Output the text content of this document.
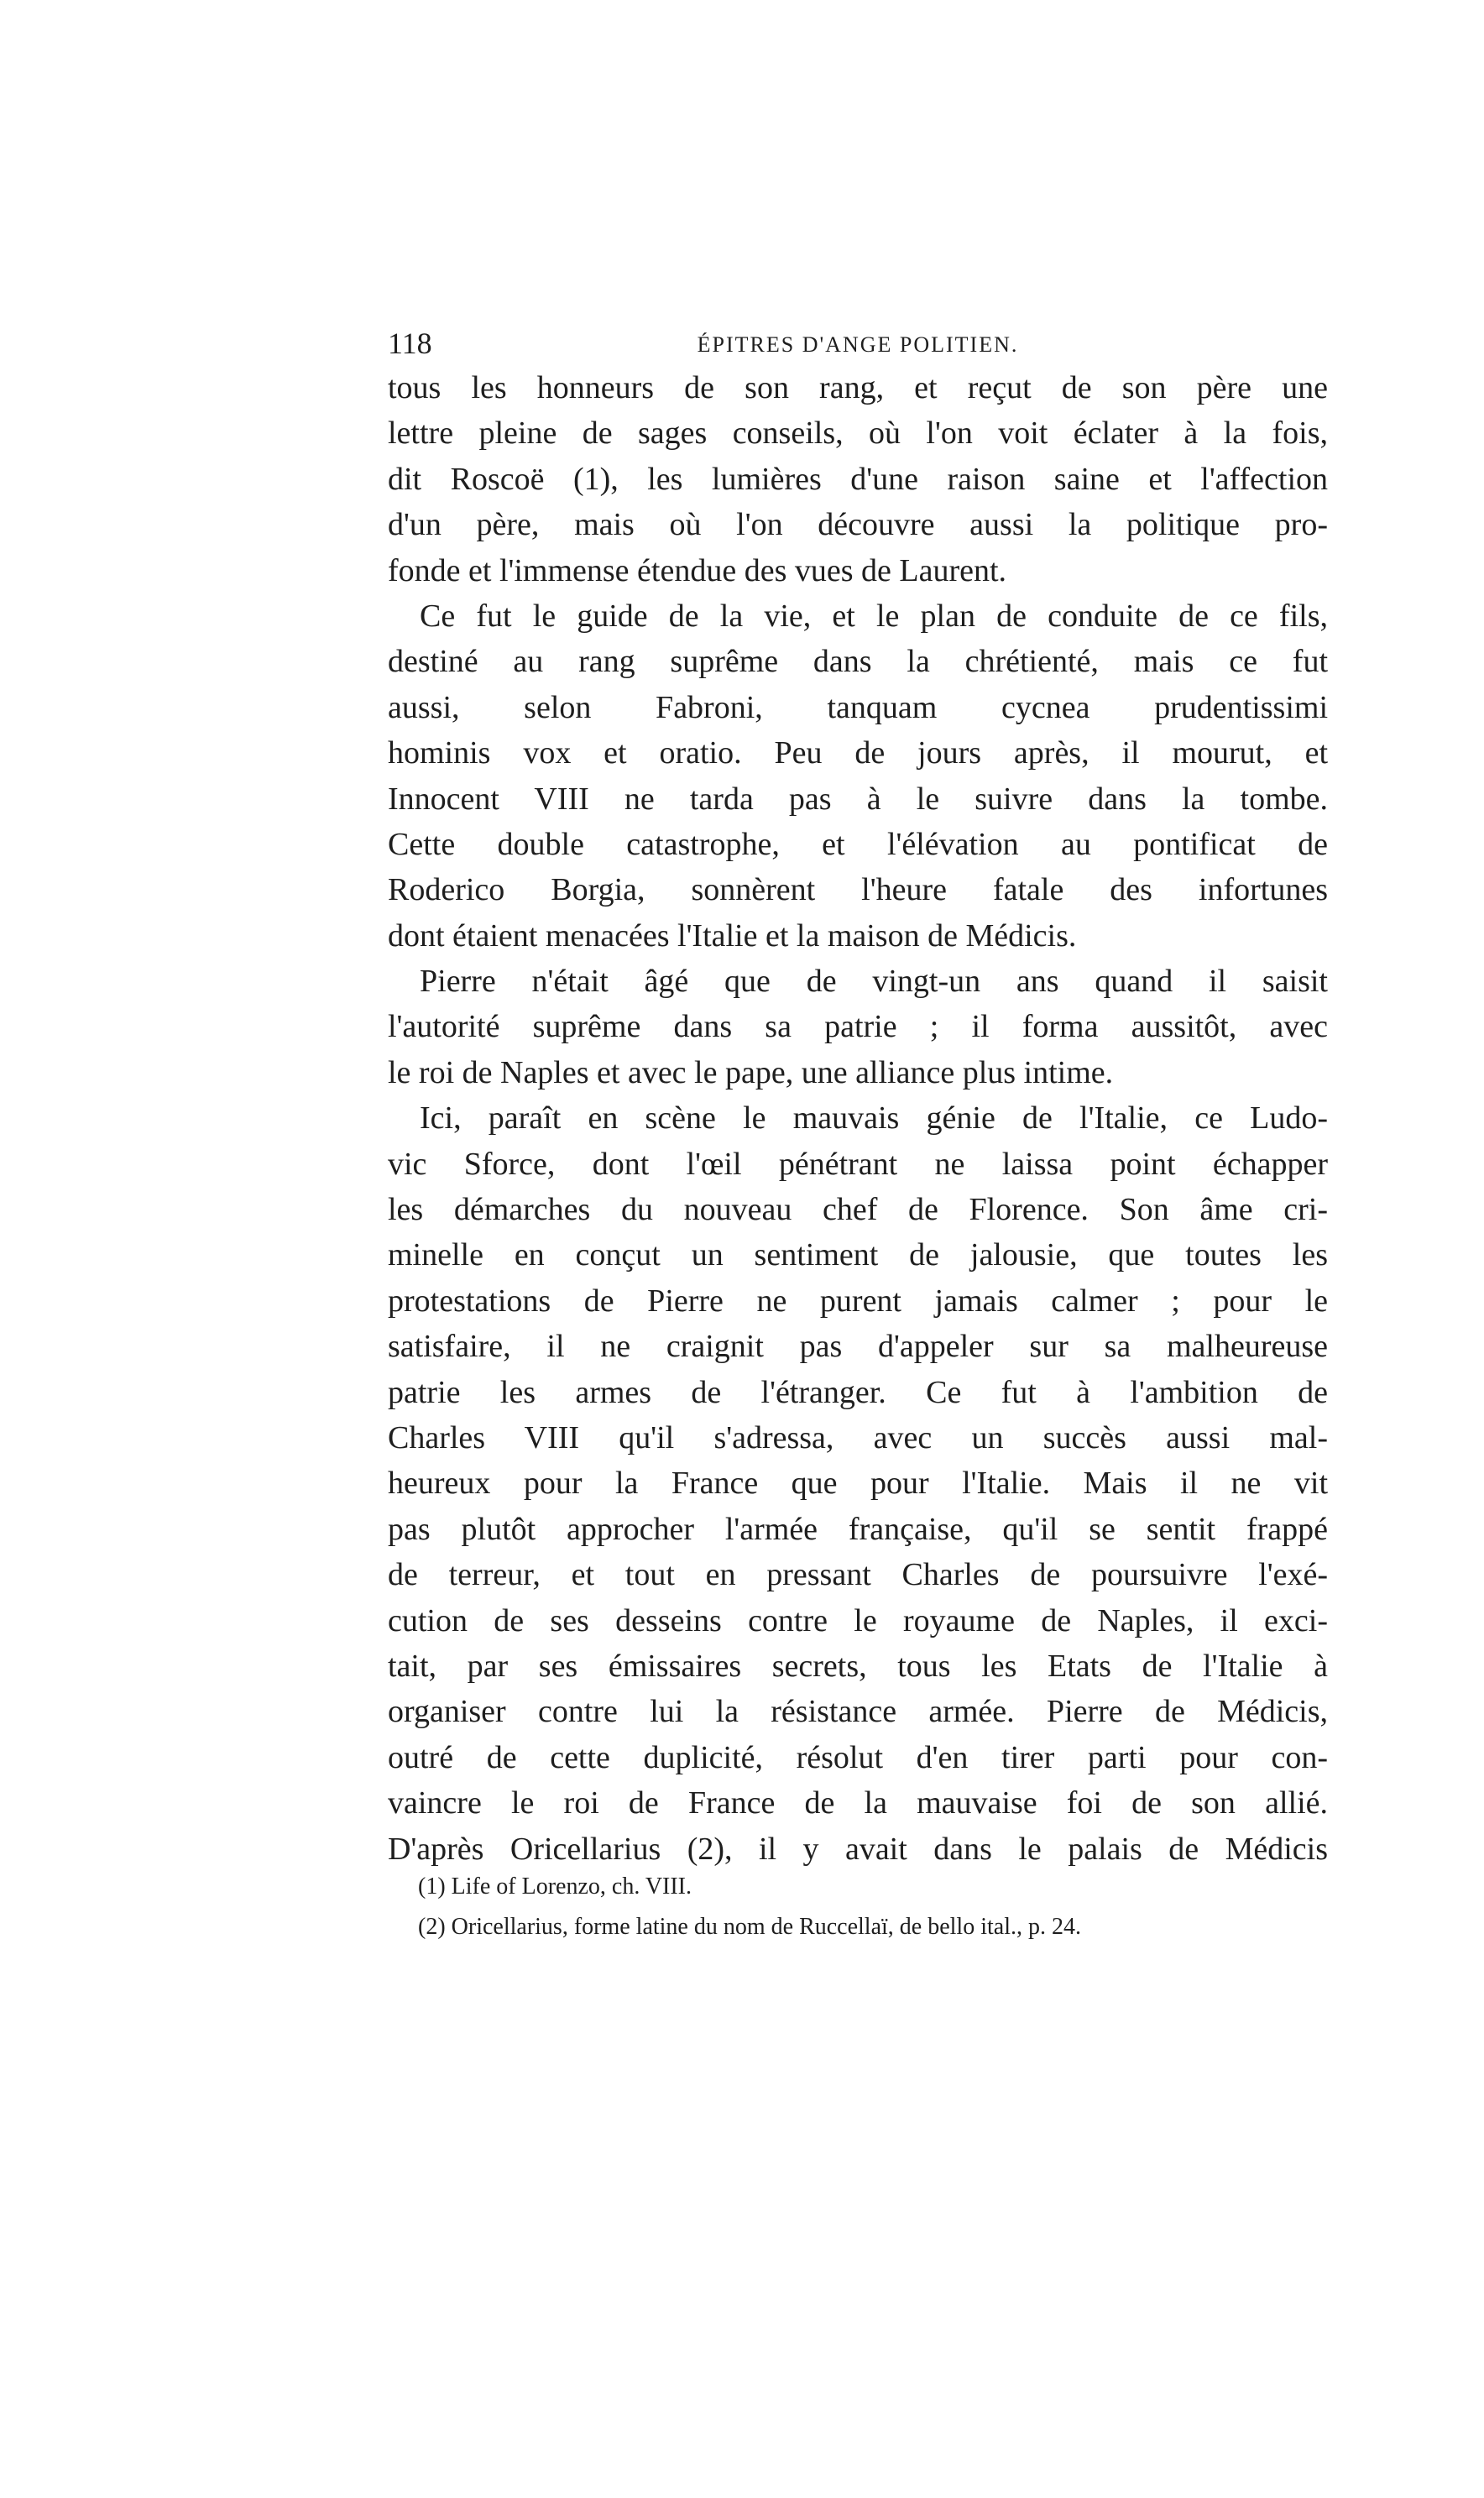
118	ÉPITRES D'ANGE POLITIEN.
tous les honneurs de son rang, et reçut de son père une
lettre pleine de sages conseils, où l'on voit éclater à la fois,
dit Roscoë (1), les lumières d'une raison saine et l'affection
d'un père, mais où l'on découvre aussi la politique pro-
fonde et l'immense étendue des vues de Laurent.
Ce fut le guide de la vie, et le plan de conduite de ce fils,
destiné au rang suprême dans la chrétienté, mais ce fut
aussi, selon Fabroni, tanquam cycnea prudentissimi
hominis vox et oratio. Peu de jours après, il mourut, et
Innocent VIII ne tarda pas à le suivre dans la tombe.
Cette double catastrophe, et l'élévation au pontificat de
Roderico Borgia, sonnèrent l'heure fatale des infortunes
dont étaient menacées l'Italie et la maison de Médicis.
Pierre n'était âgé que de vingt-un ans quand il saisit
l'autorité suprême dans sa patrie ; il forma aussitôt, avec
le roi de Naples et avec le pape, une alliance plus intime.
Ici, paraît en scène le mauvais génie de l'Italie, ce Ludo-
vic Sforce, dont l'œil pénétrant ne laissa point échapper
les démarches du nouveau chef de Florence. Son âme cri-
minelle en conçut un sentiment de jalousie, que toutes les
protestations de Pierre ne purent jamais calmer ; pour le
satisfaire, il ne craignit pas d'appeler sur sa malheureuse
patrie les armes de l'étranger. Ce fut à l'ambition de
Charles VIII qu'il s'adressa, avec un succès aussi mal-
heureux pour la France que pour l'Italie. Mais il ne vit
pas plutôt approcher l'armée française, qu'il se sentit frappé
de terreur, et tout en pressant Charles de poursuivre l'exé-
cution de ses desseins contre le royaume de Naples, il exci-
tait, par ses émissaires secrets, tous les Etats de l'Italie à
organiser contre lui la résistance armée. Pierre de Médicis,
outré de cette duplicité, résolut d'en tirer parti pour con-
vaincre le roi de France de la mauvaise foi de son allié.
D'après Oricellarius (2), il y avait dans le palais de Médicis
(1) Life of Lorenzo, ch. VIII.
(2) Oricellarius, forme latine du nom de Ruccellaï, de bello ital., p. 24.
